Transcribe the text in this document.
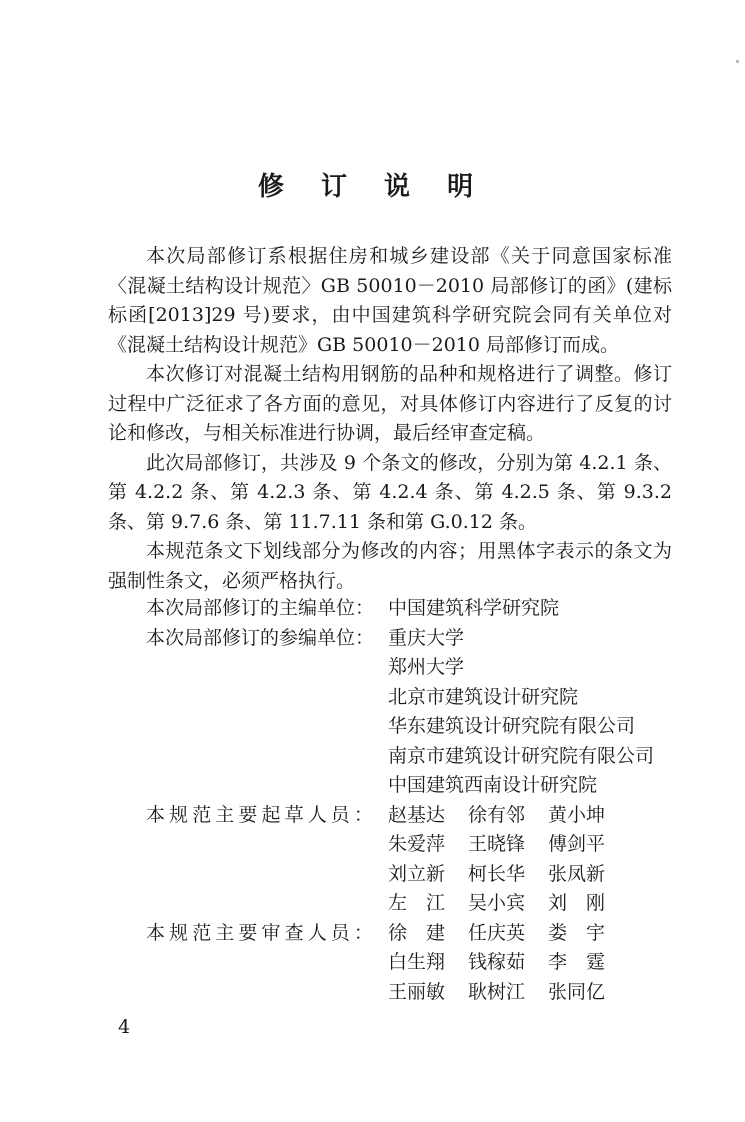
修 订 说 明

本次局部修订系根据住房和城乡建设部《关于同意国家标准〈混凝土结构设计规范〉GB 50010－2010 局部修订的函》(建标标函[2013]29 号)要求，由中国建筑科学研究院会同有关单位对《混凝土结构设计规范》GB 50010－2010 局部修订而成。

本次修订对混凝土结构用钢筋的品种和规格进行了调整。修订过程中广泛征求了各方面的意见，对具体修订内容进行了反复的讨论和修改，与相关标准进行协调，最后经审查定稿。

此次局部修订，共涉及 9 个条文的修改，分别为第 4.2.1 条、第 4.2.2 条、第 4.2.3 条、第 4.2.4 条、第 4.2.5 条、第 9.3.2 条、第 9.7.6 条、第 11.7.11 条和第 G.0.12 条。

本规范条文下划线部分为修改的内容；用黑体字表示的条文为强制性条文，必须严格执行。

本次局部修订的主编单位： 中国建筑科学研究院
本次局部修订的参编单位： 重庆大学
郑州大学
北京市建筑设计研究院
华东建筑设计研究院有限公司
南京市建筑设计研究院有限公司
中国建筑西南设计研究院
本规范主要起草人员： 赵基达	徐有邻	黄小坤
朱爱萍	王晓锋	傅剑平
刘立新	柯长华	张凤新
左　江	吴小宾	刘　刚
本规范主要审查人员： 徐　建	任庆英	娄　宇
白生翔	钱稼茹	李　霆
王丽敏	耿树江	张同亿
4
